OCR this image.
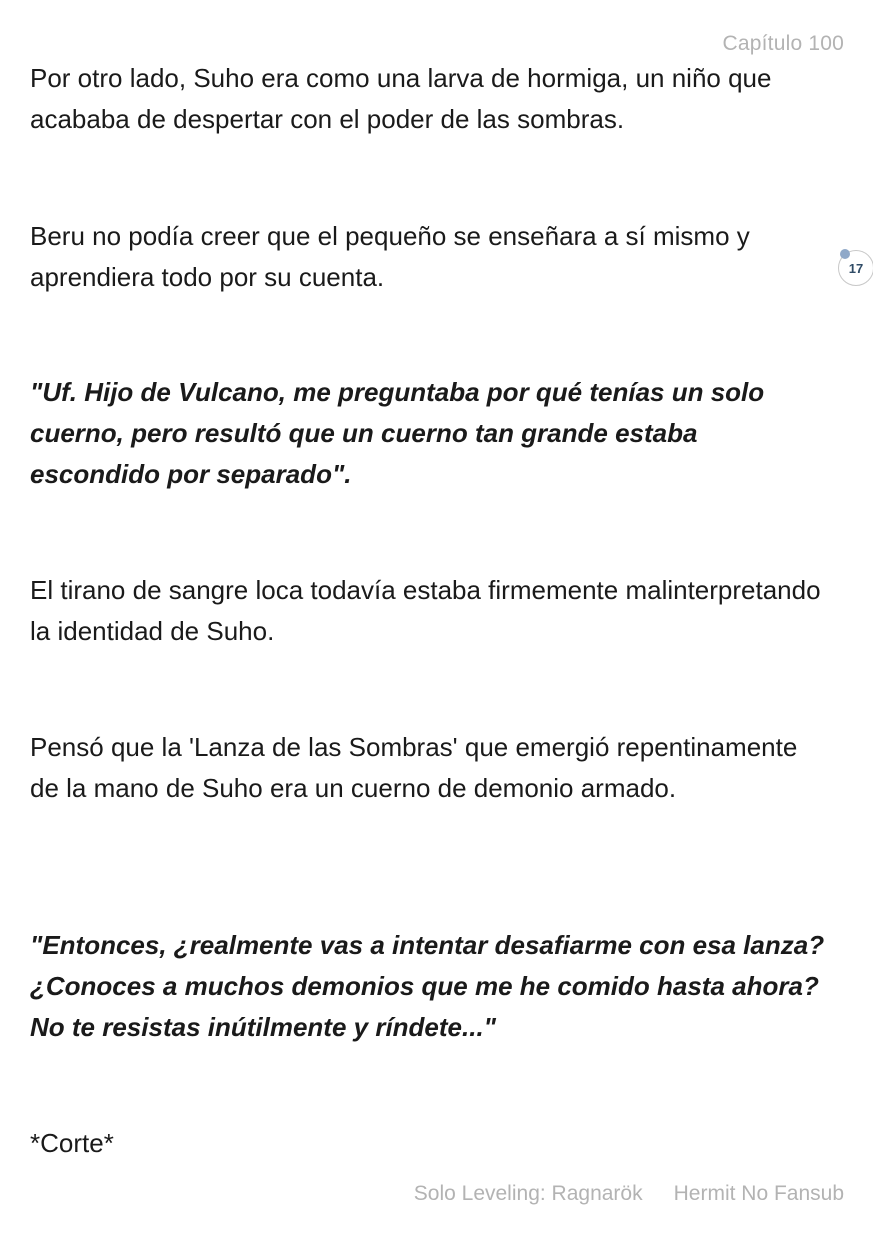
Capítulo 100

Por otro lado, Suho era como una larva de hormiga, un niño que acababa de despertar con el poder de las sombras.

Beru no podía creer que el pequeño se enseñara a sí mismo y aprendiera todo por su cuenta.

"Uf. Hijo de Vulcano, me preguntaba por qué tenías un solo cuerno, pero resultó que un cuerno tan grande estaba escondido por separado".

El tirano de sangre loca todavía estaba firmemente malinterpretando la identidad de Suho.

Pensó que la 'Lanza de las Sombras' que emergió repentinamente de la mano de Suho era un cuerno de demonio armado.

"Entonces, ¿realmente vas a intentar desafiarme con esa lanza? ¿Conoces a muchos demonios que me he comido hasta ahora? No te resistas inútilmente y ríndete..."

*Corte*

17
Solo Leveling: Ragnarök Hermit No Fansub
